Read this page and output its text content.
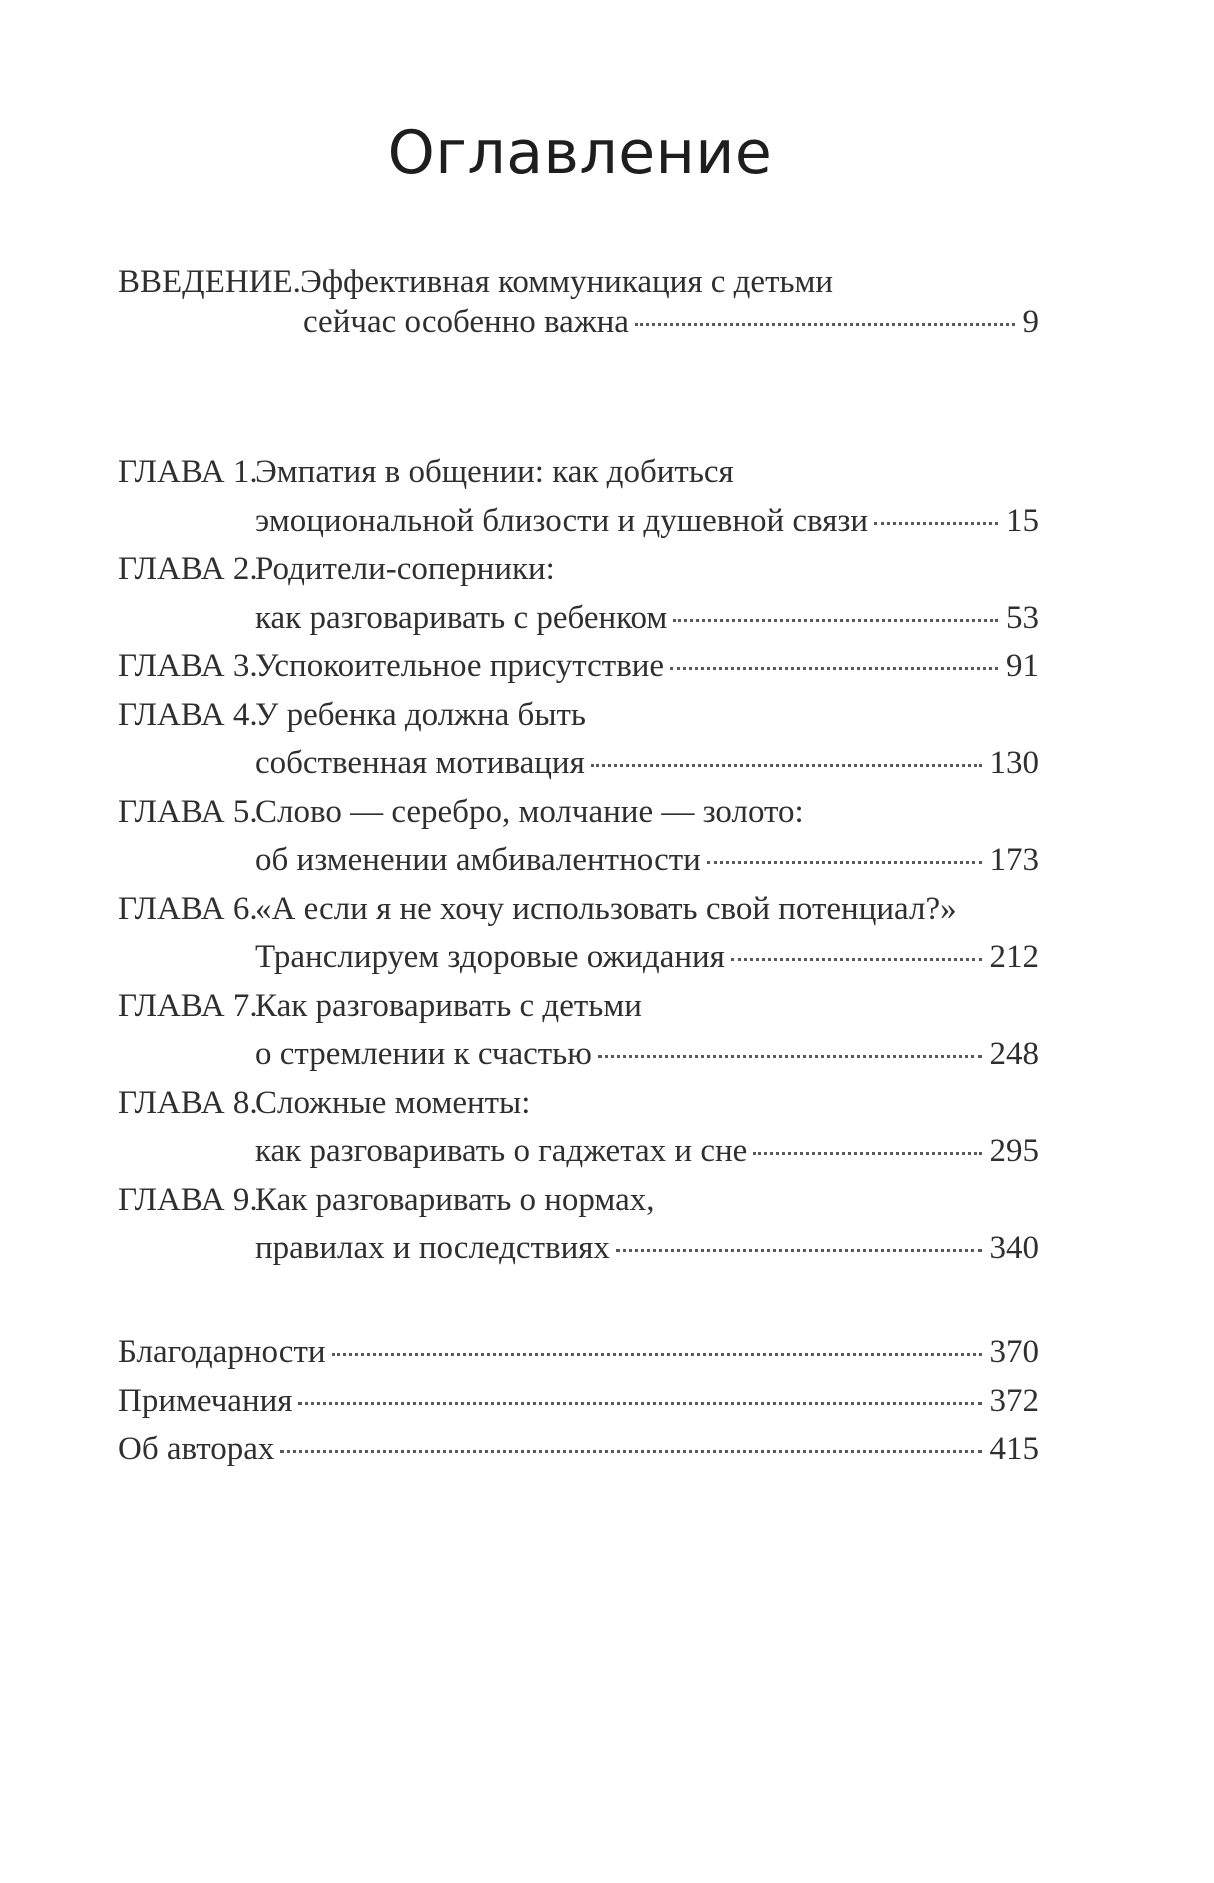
Оглавление
ВВЕДЕНИЕ. Эффективная коммуникация с детьми
сейчас особенно важна	9
ГЛАВА 1.
Эмпатия в общении: как добиться
эмоциональной близости и душевной связи	15
ГЛАВА 2.
Родители-соперники:
как разговаривать с ребенком	53
ГЛАВА 3.Успокоительное присутствие	91
ГЛАВА 4.
У ребенка должна быть
собственная мотивация	130
ГЛАВА 5.
Слово — серебро, молчание — золото:
об изменении амбивалентности	173
ГЛАВА 6.
«А если я не хочу использовать свой потенциал?»
Транслируем здоровые ожидания	212
ГЛАВА 7.
Как разговаривать с детьми
о стремлении к счастью	248
ГЛАВА 8.
Сложные моменты:
как разговаривать о гаджетах и сне	295
ГЛАВА 9.
Как разговаривать о нормах,
правилах и последствиях	340
Благодарности	370
Примечания	372
Об авторах	415
